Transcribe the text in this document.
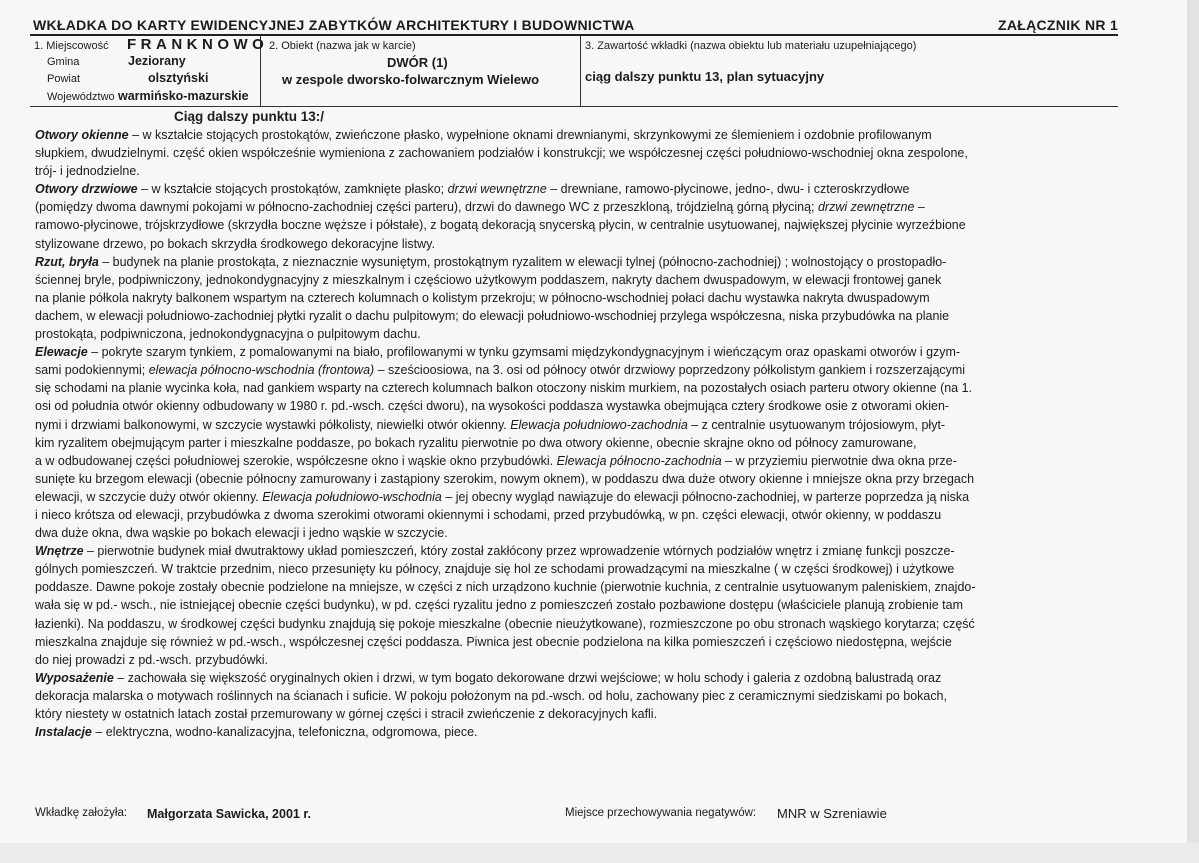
WKŁADKA DO KARTY EWIDENCYJNEJ ZABYTKÓW ARCHITEKTURY I BUDOWNICTWA	ZAŁĄCZNIK NR 1
1. Miejscowość FRANKNOWO
Gmina	Jeziorany
Powiat	olsztyński
Województwo warmińsko-mazurskie
2. Obiekt (nazwa jak w karcie)
DWÓR (1)
w zespole dworsko-folwarcznym Wielewo
3. Zawartość wkładki (nazwa obiektu lub materiału uzupełniającego)
ciąg dalszy punktu 13, plan sytuacyjny
Ciąg dalszy punktu 13:/

Otwory okienne – w kształcie stojących prostokątów, zwieńczone płasko, wypełnione oknami drewnianymi, skrzynkowymi ze ślemieniem i ozdobnie profilowanym

słupkiem, dwudzielnymi. część okien współcześnie wymieniona z zachowaniem podziałów i konstrukcji; we współczesnej części południowo-wschodniej okna zespolone,

trój- i jednodzielne.

Otwory drzwiowe – w kształcie stojących prostokątów, zamknięte płasko; drzwi wewnętrzne – drewniane, ramowo-płycinowe, jedno-, dwu- i czteroskrzydłowe

(pomiędzy dwoma dawnymi pokojami w północno-zachodniej części parteru), drzwi do dawnego WC z przeszkloną, trójdzielną górną płyciną; drzwi zewnętrzne –

ramowo-płycinowe, trójskrzydłowe (skrzydła boczne węższe i półstałe), z bogatą dekoracją snycerską płycin, w centralnie usytuowanej, największej płycinie wyrzeźbione

stylizowane drzewo, po bokach skrzydła środkowego dekoracyjne listwy.

Rzut, bryła – budynek na planie prostokąta, z nieznacznie wysuniętym, prostokątnym ryzalitem w elewacji tylnej (północno-zachodniej) ; wolnostojący o prostopadło-

ściennej bryle, podpiwniczony, jednokondygnacyjny z mieszkalnym i częściowo użytkowym poddaszem, nakryty dachem dwuspadowym, w elewacji frontowej ganek

na planie półkola nakryty balkonem wspartym na czterech kolumnach o kolistym przekroju; w północno-wschodniej połaci dachu wystawka nakryta dwuspadowym

dachem, w elewacji południowo-zachodniej płytki ryzalit o dachu pulpitowym; do elewacji południowo-wschodniej przylega współczesna, niska przybudówka na planie

prostokąta, podpiwniczona, jednokondygnacyjna o pulpitowym dachu.

Elewacje – pokryte szarym tynkiem, z pomalowanymi na biało, profilowanymi w tynku gzymsami międzykondygnacyjnym i wieńczącym oraz opaskami otworów i gzym-

sami podokiennymi; elewacja północno-wschodnia (frontowa) – sześcioosiowa, na 3. osi od północy otwór drzwiowy poprzedzony półkolistym gankiem i rozszerzającymi

się schodami na planie wycinka koła, nad gankiem wsparty na czterech kolumnach balkon otoczony niskim murkiem, na pozostałych osiach parteru otwory okienne (na 1.

osi od południa otwór okienny odbudowany w 1980 r. pd.-wsch. części dworu), na wysokości poddasza wystawka obejmująca cztery środkowe osie z otworami okien-

nymi i drzwiami balkonowymi, w szczycie wystawki półkolisty, niewielki otwór okienny. Elewacja południowo-zachodnia – z centralnie usytuowanym trójosiowym, płyt-

kim ryzalitem obejmującym parter i mieszkalne poddasze, po bokach ryzalitu pierwotnie po dwa otwory okienne, obecnie skrajne okno od północy zamurowane,

a w odbudowanej części południowej szerokie, współczesne okno i wąskie okno przybudówki. Elewacja północno-zachodnia – w przyziemiu pierwotnie dwa okna prze-

sunięte ku brzegom elewacji (obecnie północny zamurowany i zastąpiony szerokim, nowym oknem), w poddaszu dwa duże otwory okienne i mniejsze okna przy brzegach

elewacji, w szczycie duży otwór okienny. Elewacja południowo-wschodnia – jej obecny wygląd nawiązuje do elewacji północno-zachodniej, w parterze poprzedza ją niska

i nieco krótsza od elewacji, przybudówka z dwoma szerokimi otworami okiennymi i schodami, przed przybudówką, w pn. części elewacji, otwór okienny, w poddaszu

dwa duże okna, dwa wąskie po bokach elewacji i jedno wąskie w szczycie.

Wnętrze – pierwotnie budynek miał dwutraktowy układ pomieszczeń, który został zakłócony przez wprowadzenie wtórnych podziałów wnętrz i zmianę funkcji poszcze-

gólnych pomieszczeń. W traktcie przednim, nieco przesunięty ku północy, znajduje się hol ze schodami prowadzącymi na mieszkalne ( w części środkowej) i użytkowe

poddasze. Dawne pokoje zostały obecnie podzielone na mniejsze, w części z nich urządzono kuchnie (pierwotnie kuchnia, z centralnie usytuowanym paleniskiem, znajdo-

wała się w pd.- wsch., nie istniejącej obecnie części budynku), w pd. części ryzalitu jedno z pomieszczeń zostało pozbawione dostępu (właściciele planują zrobienie tam

łazienki). Na poddaszu, w środkowej części budynku znajdują się pokoje mieszkalne (obecnie nieużytkowane), rozmieszczone po obu stronach wąskiego korytarza; część

mieszkalna znajduje się również w pd.-wsch., współczesnej części poddasza. Piwnica jest obecnie podzielona na kilka pomieszczeń i częściowo niedostępna, wejście

do niej prowadzi z pd.-wsch. przybudówki.

Wyposażenie – zachowała się większość oryginalnych okien i drzwi, w tym bogato dekorowane drzwi wejściowe; w holu schody i galeria z ozdobną balustradą oraz

dekoracja malarska o motywach roślinnych na ścianach i suficie. W pokoju położonym na pd.-wsch. od holu, zachowany piec z ceramicznymi siedziskami po bokach,

który niestety w ostatnich latach został przemurowany w górnej części i stracił zwieńczenie z dekoracyjnych kafli.

Instalacje – elektryczna, wodno-kanalizacyjna, telefoniczna, odgromowa, piece.

Wkładkę założyła: Małgorzata Sawicka, 2001 r.	Miejsce przechowywania negatywów: MNR w Szreniawie
